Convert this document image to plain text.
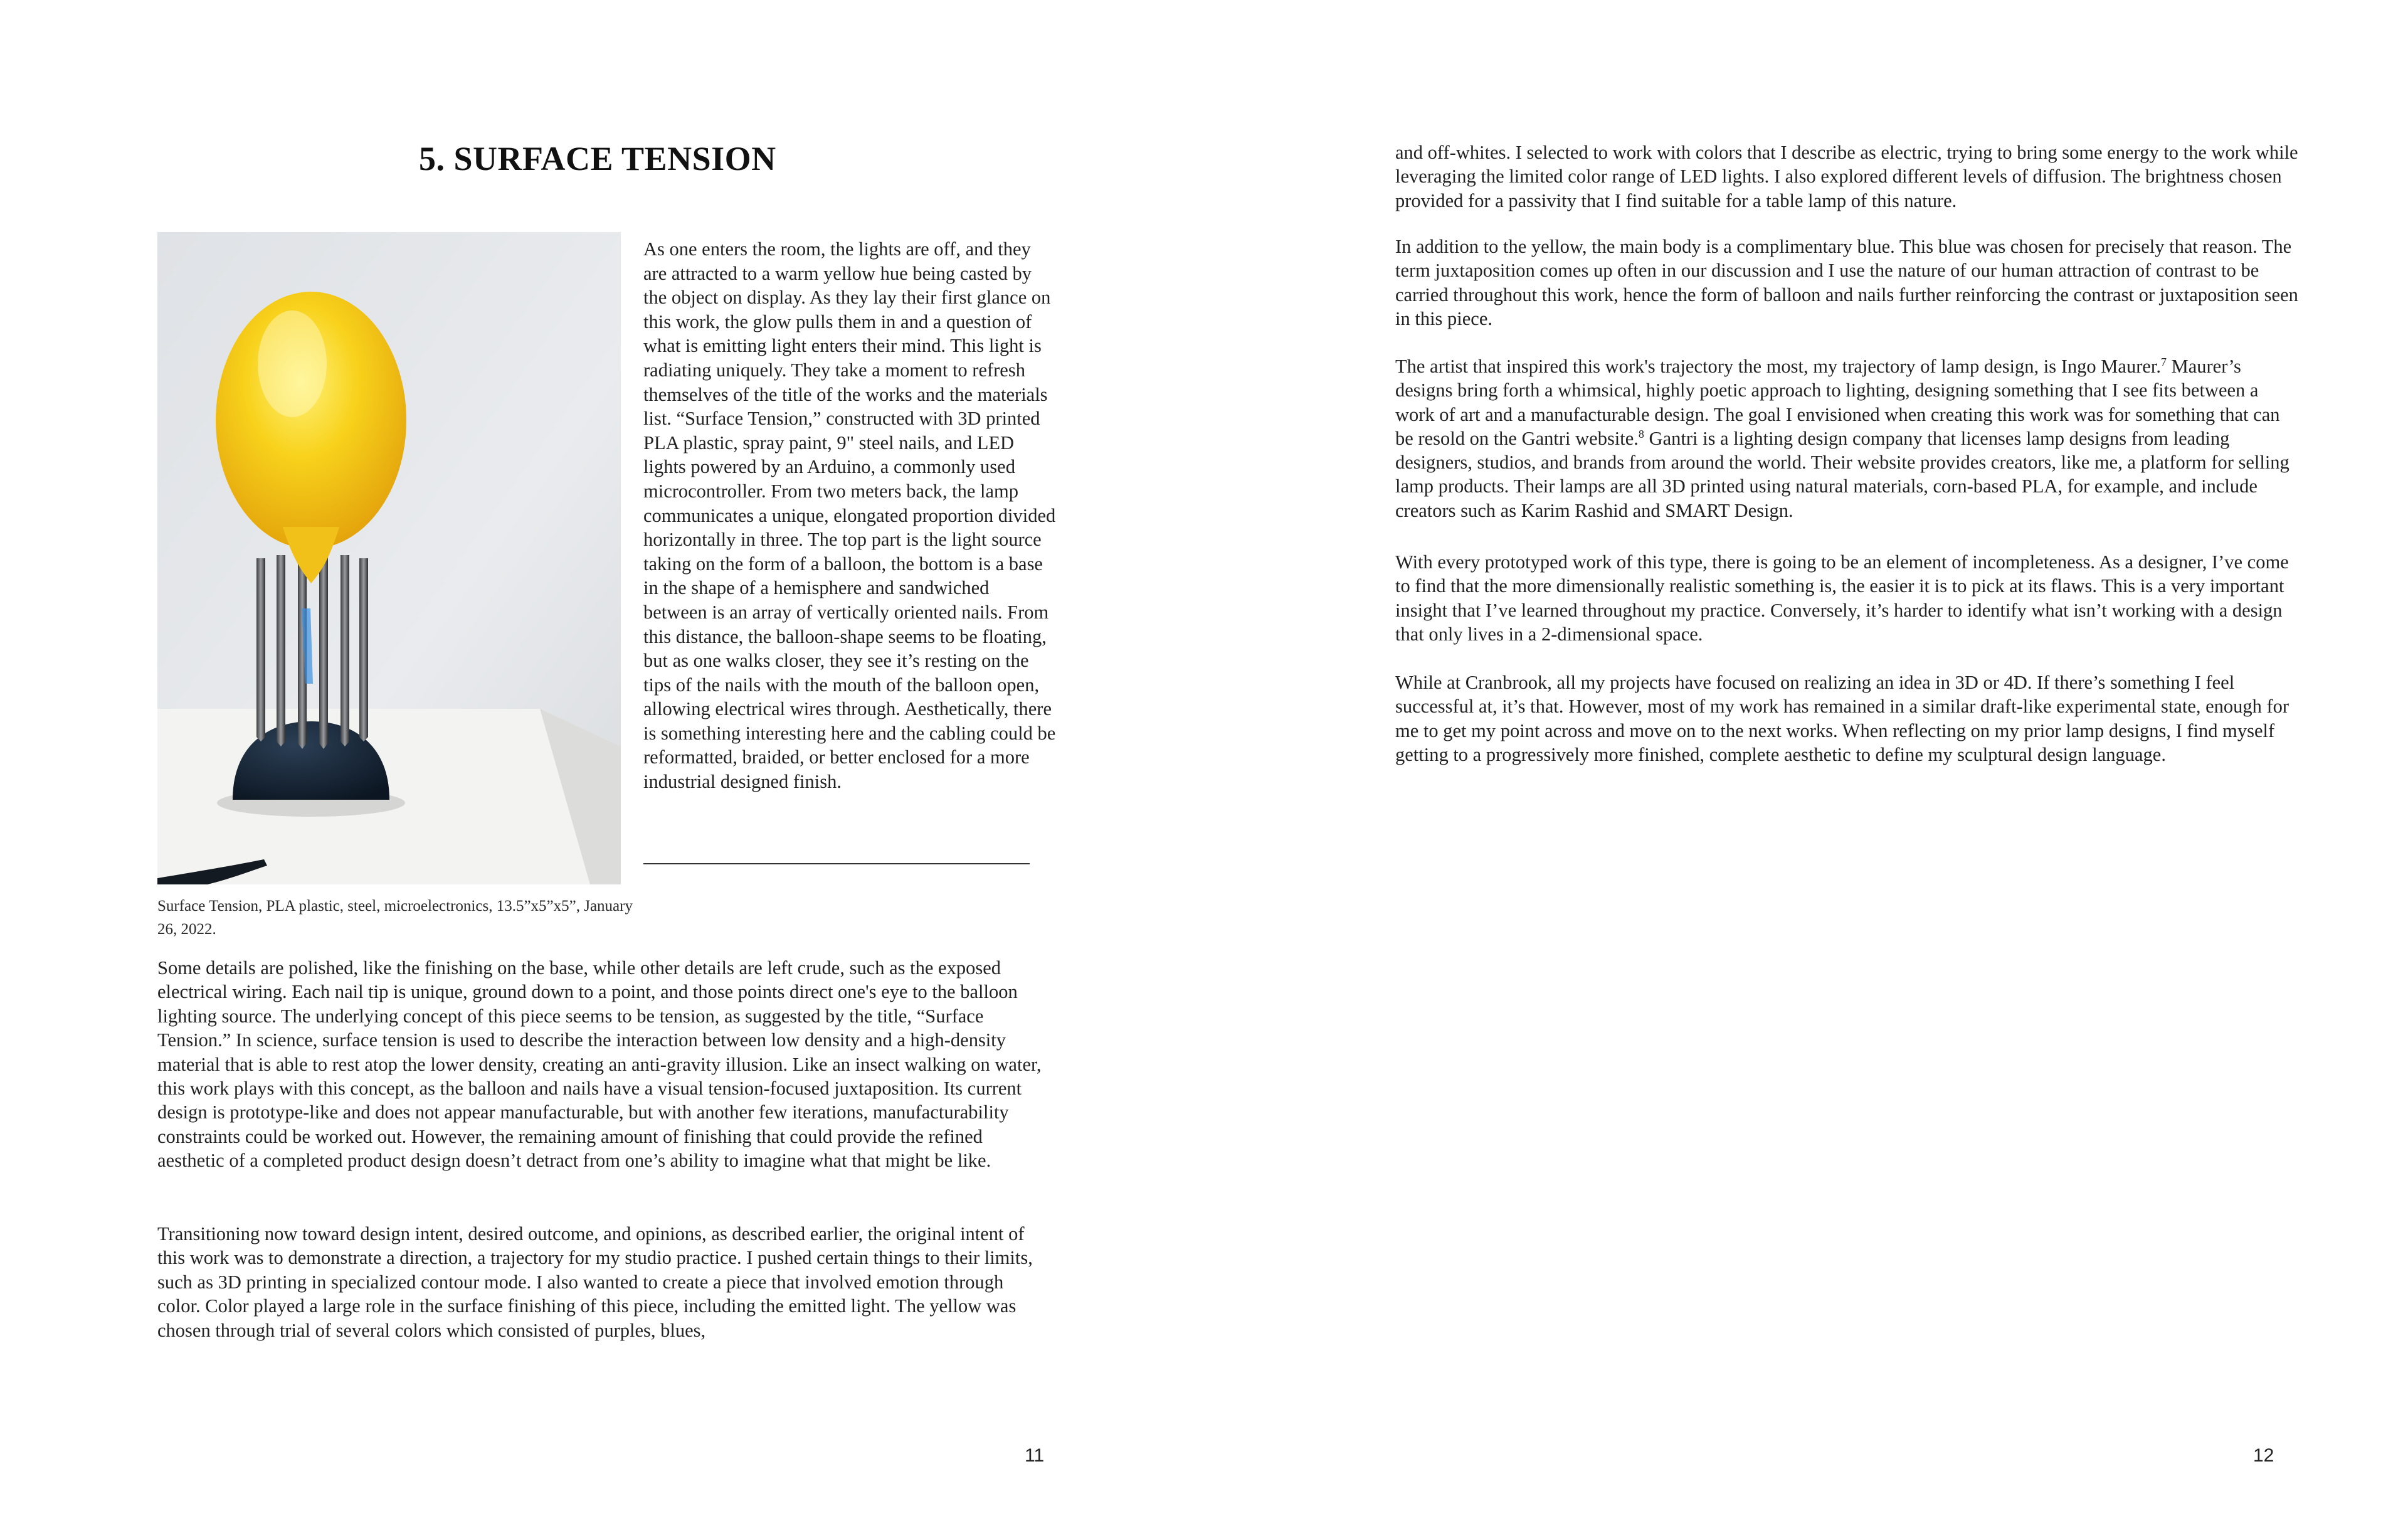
5. SURFACE TENSION

Surface Tension, PLA plastic, steel, microelectronics, 13.5”x5”x5”, January 26, 2022.

As one enters the room, the lights are off, and they are attracted to a warm yellow hue being casted by the object on display. As they lay their first glance on this work, the glow pulls them in and a question of what is emitting light enters their mind. This light is radiating uniquely. They take a moment to refresh themselves of the title of the works and the materials list. “Surface Tension,” constructed with 3D printed PLA plastic, spray paint, 9" steel nails, and LED lights powered by an Arduino, a commonly used microcontroller. From two meters back, the lamp communicates a unique, elongated proportion divided horizontally in three. The top part is the light source taking on the form of a balloon, the bottom is a base in the shape of a hemisphere and sandwiched between is an array of vertically oriented nails. From this distance, the balloon-shape seems to be floating, but as one walks closer, they see it’s resting on the tips of the nails with the mouth of the balloon open, allowing electrical wires through. Aesthetically, there is something interesting here and the cabling could be reformatted, braided, or better enclosed for a more industrial designed finish.

Some details are polished, like the finishing on the base, while other details are left crude, such as the exposed electrical wiring. Each nail tip is unique, ground down to a point, and those points direct one's eye to the balloon lighting source. The underlying concept of this piece seems to be tension, as suggested by the title, “Surface Tension.” In science, surface tension is used to describe the interaction between low density and a high-density material that is able to rest atop the lower density, creating an anti-gravity illusion. Like an insect walking on water, this work plays with this concept, as the balloon and nails have a visual tension-focused juxtaposition. Its current design is prototype-like and does not appear manufacturable, but with another few iterations, manufacturability constraints could be worked out. However, the remaining amount of finishing that could provide the refined aesthetic of a completed product design doesn’t detract from one’s ability to imagine what that might be like.

Transitioning now toward design intent, desired outcome, and opinions, as described earlier, the original intent of this work was to demonstrate a direction, a trajectory for my studio practice. I pushed certain things to their limits, such as 3D printing in specialized contour mode. I also wanted to create a piece that involved emotion through color. Color played a large role in the surface finishing of this piece, including the emitted light. The yellow was chosen through trial of several colors which consisted of purples, blues,

11

and off-whites. I selected to work with colors that I describe as electric, trying to bring some energy to the work while leveraging the limited color range of LED lights. I also explored different levels of diffusion. The brightness chosen provided for a passivity that I find suitable for a table lamp of this nature.

In addition to the yellow, the main body is a complimentary blue. This blue was chosen for precisely that reason. The term juxtaposition comes up often in our discussion and I use the nature of our human attraction of contrast to be carried throughout this work, hence the form of balloon and nails further reinforcing the contrast or juxtaposition seen in this piece.

The artist that inspired this work's trajectory the most, my trajectory of lamp design, is Ingo Maurer.$^7$ Maurer’s designs bring forth a whimsical, highly poetic approach to lighting, designing something that I see fits between a work of art and a manufacturable design. The goal I envisioned when creating this work was for something that can be resold on the Gantri website.$^8$ Gantri is a lighting design company that licenses lamp designs from leading designers, studios, and brands from around the world. Their website provides creators, like me, a platform for selling lamp products. Their lamps are all 3D printed using natural materials, corn-based PLA, for example, and include creators such as Karim Rashid and SMART Design.

With every prototyped work of this type, there is going to be an element of incompleteness. As a designer, I’ve come to find that the more dimensionally realistic something is, the easier it is to pick at its flaws. This is a very important insight that I’ve learned throughout my practice. Conversely, it’s harder to identify what isn’t working with a design that only lives in a 2-dimensional space.

While at Cranbrook, all my projects have focused on realizing an idea in 3D or 4D. If there’s something I feel successful at, it’s that. However, most of my work has remained in a similar draft-like experimental state, enough for me to get my point across and move on to the next works. When reflecting on my prior lamp designs, I find myself getting to a progressively more finished, complete aesthetic to define my sculptural design language.

12
